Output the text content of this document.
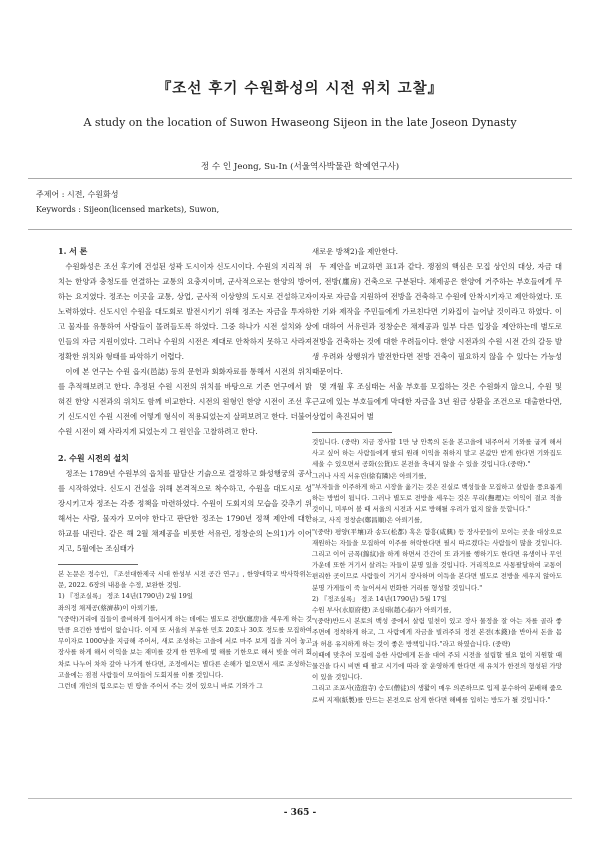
『조선 후기 수원화성의 시전 위치 고찰』
A study on the location of Suwon Hwaseong Sijeon in the late Joseon Dynasty
정 수 인 Jeong, Su-In (서울역사박물관 학예연구사)
주제어 : 시전, 수원화성
Keywords : Sijeon(licensed markets), Suwon,

1. 서 론

수원화성은 조선 후기에 건설된 성곽 도시이자 신도시이다. 수원의 지리적 위치는 한양과 충청도를 연결하는 교통의 요충지이며, 군사적으로는 한양의 방어하는 요지였다. 정조는 이곳을 교통, 상업, 군사적 이상향의 도시로 건설하고자 노력하였다. 신도시인 수원을 대도회로 발전시키기 위해 정조는 자금을 투자하고 물자를 유통하여 사람들이 몰려들도록 하였다. 그중 하나가 시전 설치와 상인들의 자금 지원이었다. 그러나 수원의 시전은 제대로 안착하지 못하고 사라져 정확한 위치와 형태를 파악하기 어렵다.

이에 본 연구는 수원 읍지(邑誌) 등의 문헌과 회화자료를 통해서 시전의 위치를 추적해보려고 한다. 추정된 수원 시전의 위치를 바탕으로 기존 연구에서 밝혀진 한양 시전과의 위치도 함께 비교한다. 시전의 원형인 한양 시전이 조선 후기 신도시인 수원 시전에 어떻게 형식이 적용되었는지 살펴보려고 한다. 더불어 수원 시전이 왜 사라지게 되었는지 그 원인을 고찰하려고 한다.

2. 수원 시전의 설치

정조는 1789년 수원부의 읍치를 팔달산 기슭으로 결정하고 화성행궁의 공사를 시작하였다. 신도시 건설을 위해 본격적으로 착수하고, 수원을 대도시로 성장시키고자 정조는 각종 정책을 마련하였다. 수원이 도회지의 모습을 갖추기 위해서는 사람, 물자가 모여야 한다고 판단한 정조는 1790년 정책 제안에 대한 하교를 내린다. 같은 해 2월 채제공을 비롯한 서유린, 정창순의 논의1)가 이어지고, 5월에는 조심태가

본 논문은 정수인, 『조선대한제국 시대 한성부 시전 공간 연구』, 한양대학교 박사학위논문, 2022. 6장의 내용을 수정, 보완한 것임.

1) 『정조실록』 정조 14년(1790년) 2월 19일

좌의정 채제공(蔡濟恭)이 아뢰기를,

"(중략)거리에 집들이 즐비하게 들어서게 하는 데에는 별도로 전방(廛房)을 세우게 하는 것만큼 요긴한 방법이 없습니다. 이제 또 서울의 부유한 민호 20호나 30호 정도를 모집하여 무이자로 1000냥을 지급해 주어서, 새로 조성하는 고을에 서로 마주 보게 집을 지어 놓고 장사를 하게 해서 이익을 보는 재미를 갖게 한 연후에 몇 해를 기한으로 해서 빚을 여러 회차로 나누어 차차 갚아 나가게 한다면, 조정에서는 별다른 손해가 없으면서 새로 조성하는 고을에는 점점 사람들이 모여들어 도회지를 이룰 것입니다.

그런데 개인의 힘으로는 빈 땅을 주어서 주는 것이 있으니 바로 기와가 그

새로운 방책2)을 제안한다.

두 제안을 비교하면 표1과 같다. 쟁점의 핵심은 모집 상인의 대상, 자금 대여, 전방(廛房) 건축으로 구분된다. 채제공은 한양에 거주하는 부호들에게 무이자로 자금을 지원하여 전방을 건축하고 수원에 안착시키자고 제안하였다. 또한 기와 제작을 주민들에게 가르친다면 기와집이 늘어날 것이라고 하였다. 이에 대하여 서유린과 정창순은 채제공과 일부 다른 입장을 제안하는데 별도로 전방을 건축하는 것에 대한 우려들이다. 한양 시전과의 수원 시전 간의 갈등 발생 우려와 상행위가 발전한다면 전방 건축이 필요하지 않을 수 있다는 가능성 때문이다.

몇 개월 후 조심태는 서울 부호를 모집하는 것은 수원화지 않으니, 수원 및 근교에 있는 부호들에게 막대한 자금을 3년 원금 상환을 조건으로 대출한다면, 상업이 촉진되어 별

것입니다. (중략) 지금 장사할 1만 냥 안쪽의 돈을 본고을에 내주어서 기와를 굽게 해서 사고 싶어 하는 사람들에게 팔되 원래 이익을 취하지 말고 본값만 받게 한다면 기와집도 세울 수 있으면서 공화(公貨)도 본전을 축내지 않을 수 있을 것입니다.(중략)."

그러나 사직 서유린(徐有隣)은 아뢰기를,

"부자들을 이주하게 하고 시장을 옮기는 것은 진실로 백성들을 모집하고 살림을 풍요롭게 하는 방법이 됩니다. 그러나 별도로 전방을 세우는 것은 무리(撫理)는 이익이 결코 적을 것이니, 미루어 볼 때 서울의 시전과 서로 방해될 우려가 없지 않을 듯합니다."

하고, 사직 정창순(鄭昌順)은 아뢰기를,

"(중략) 평양(平壤)과 송도(松都) 혹은 함흥(咸興) 등 장사꾼들이 모이는 곳을 대상으로 재원하는 자들을 모집하여 이주를 허락한다면 필시 따르겠다는 사람들이 많을 것입니다. 그리고 이어 금폭(錦紋)을 하게 하면서 간간이 또 과거를 행하기도 한다면 유생이나 무인 가운데 또한 거기서 살려는 자들이 분명 있을 것입니다. 거리적으로 사통팔달하여 교통이 편리한 곳이므로 사람들이 거기서 장사하며 이득을 본다면 별도로 전방을 세우지 않아도 분명 가게들이 죽 늘어서서 번화한 거리를 형성할 것입니다."

2) 『정조실록』 정조 14년(1790년) 5월 17일

수원 부사(水原府使) 조심태(趙心泰)가 아뢰기를,

"(중략)반드시 본토의 백성 중에서 살림 밑천이 있고 장사 물정을 잘 아는 자를 골라 좋 주면에 정착하게 하고, 그 사람에게 자금을 빌려주되 정전 본전(本錢)을 반아서 돈을 몸과 허용 유지하게 하는 것이 좋은 방책입니다."라고 하였습니다. (중략)

이때에 맞추어 모집에 응한 사람에게 돈을 대여 주되 시전을 설립할 필요 없이 지원할 때 물건을 다시 비변 때 팔고 시기에 따라 잘 운영하게 한다면 새 유치가 한전의 형성된 가망이 있을 것입니다.

그리고 조포사(造泡寺) 승도(僧徒)의 생활이 매우 의존하므로 입제 분수하여 분배해 줍으로써 지제(紙製)를 만드는 본전으로 삼게 한다면 해배를 입히는 방도가 될 것입니다."

- 365 -
